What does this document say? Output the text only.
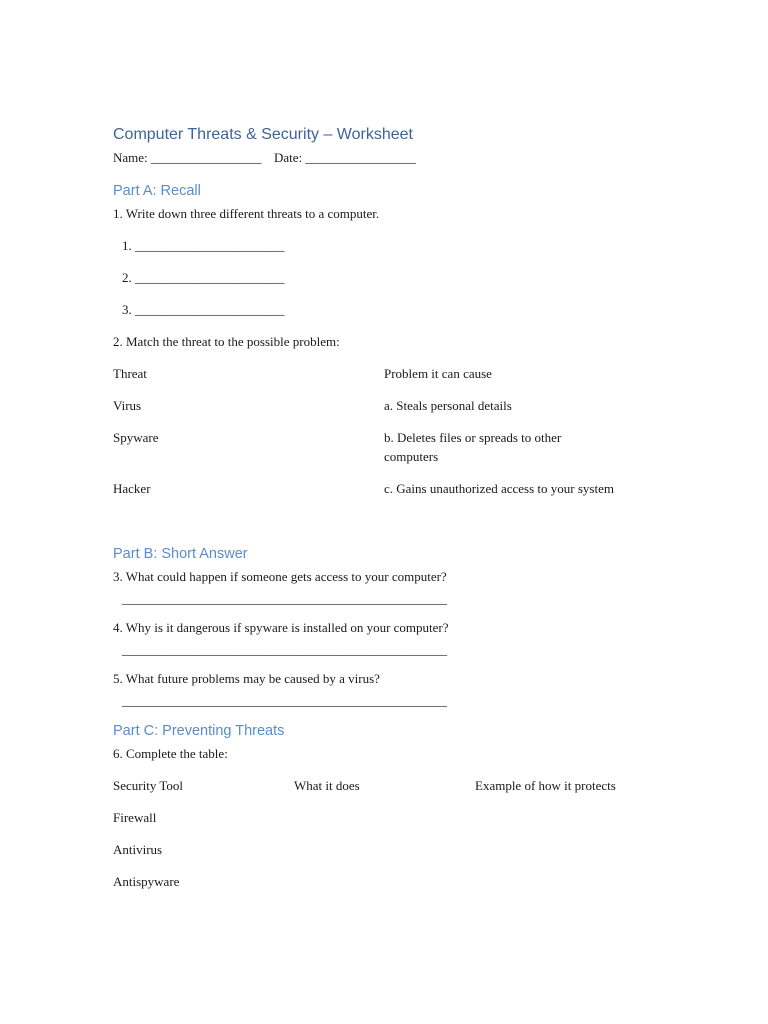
Computer Threats & Security – Worksheet
Name: _________________ Date: _________________
Part A: Recall
1. Write down three different threats to a computer.
1. _______________________
2. _______________________
3. _______________________
2. Match the threat to the possible problem:
Threat	Problem it can cause
Virus	a. Steals personal details
Spyware	b. Deletes files or spreads to other computers
Hacker	c. Gains unauthorized access to your system
Part B: Short Answer
3. What could happen if someone gets access to your computer?
__________________________________________________
4. Why is it dangerous if spyware is installed on your computer?
__________________________________________________
5. What future problems may be caused by a virus?
__________________________________________________
Part C: Preventing Threats
6. Complete the table:
Security Tool	What it does	Example of how it protects
Firewall
Antivirus
Antispyware
